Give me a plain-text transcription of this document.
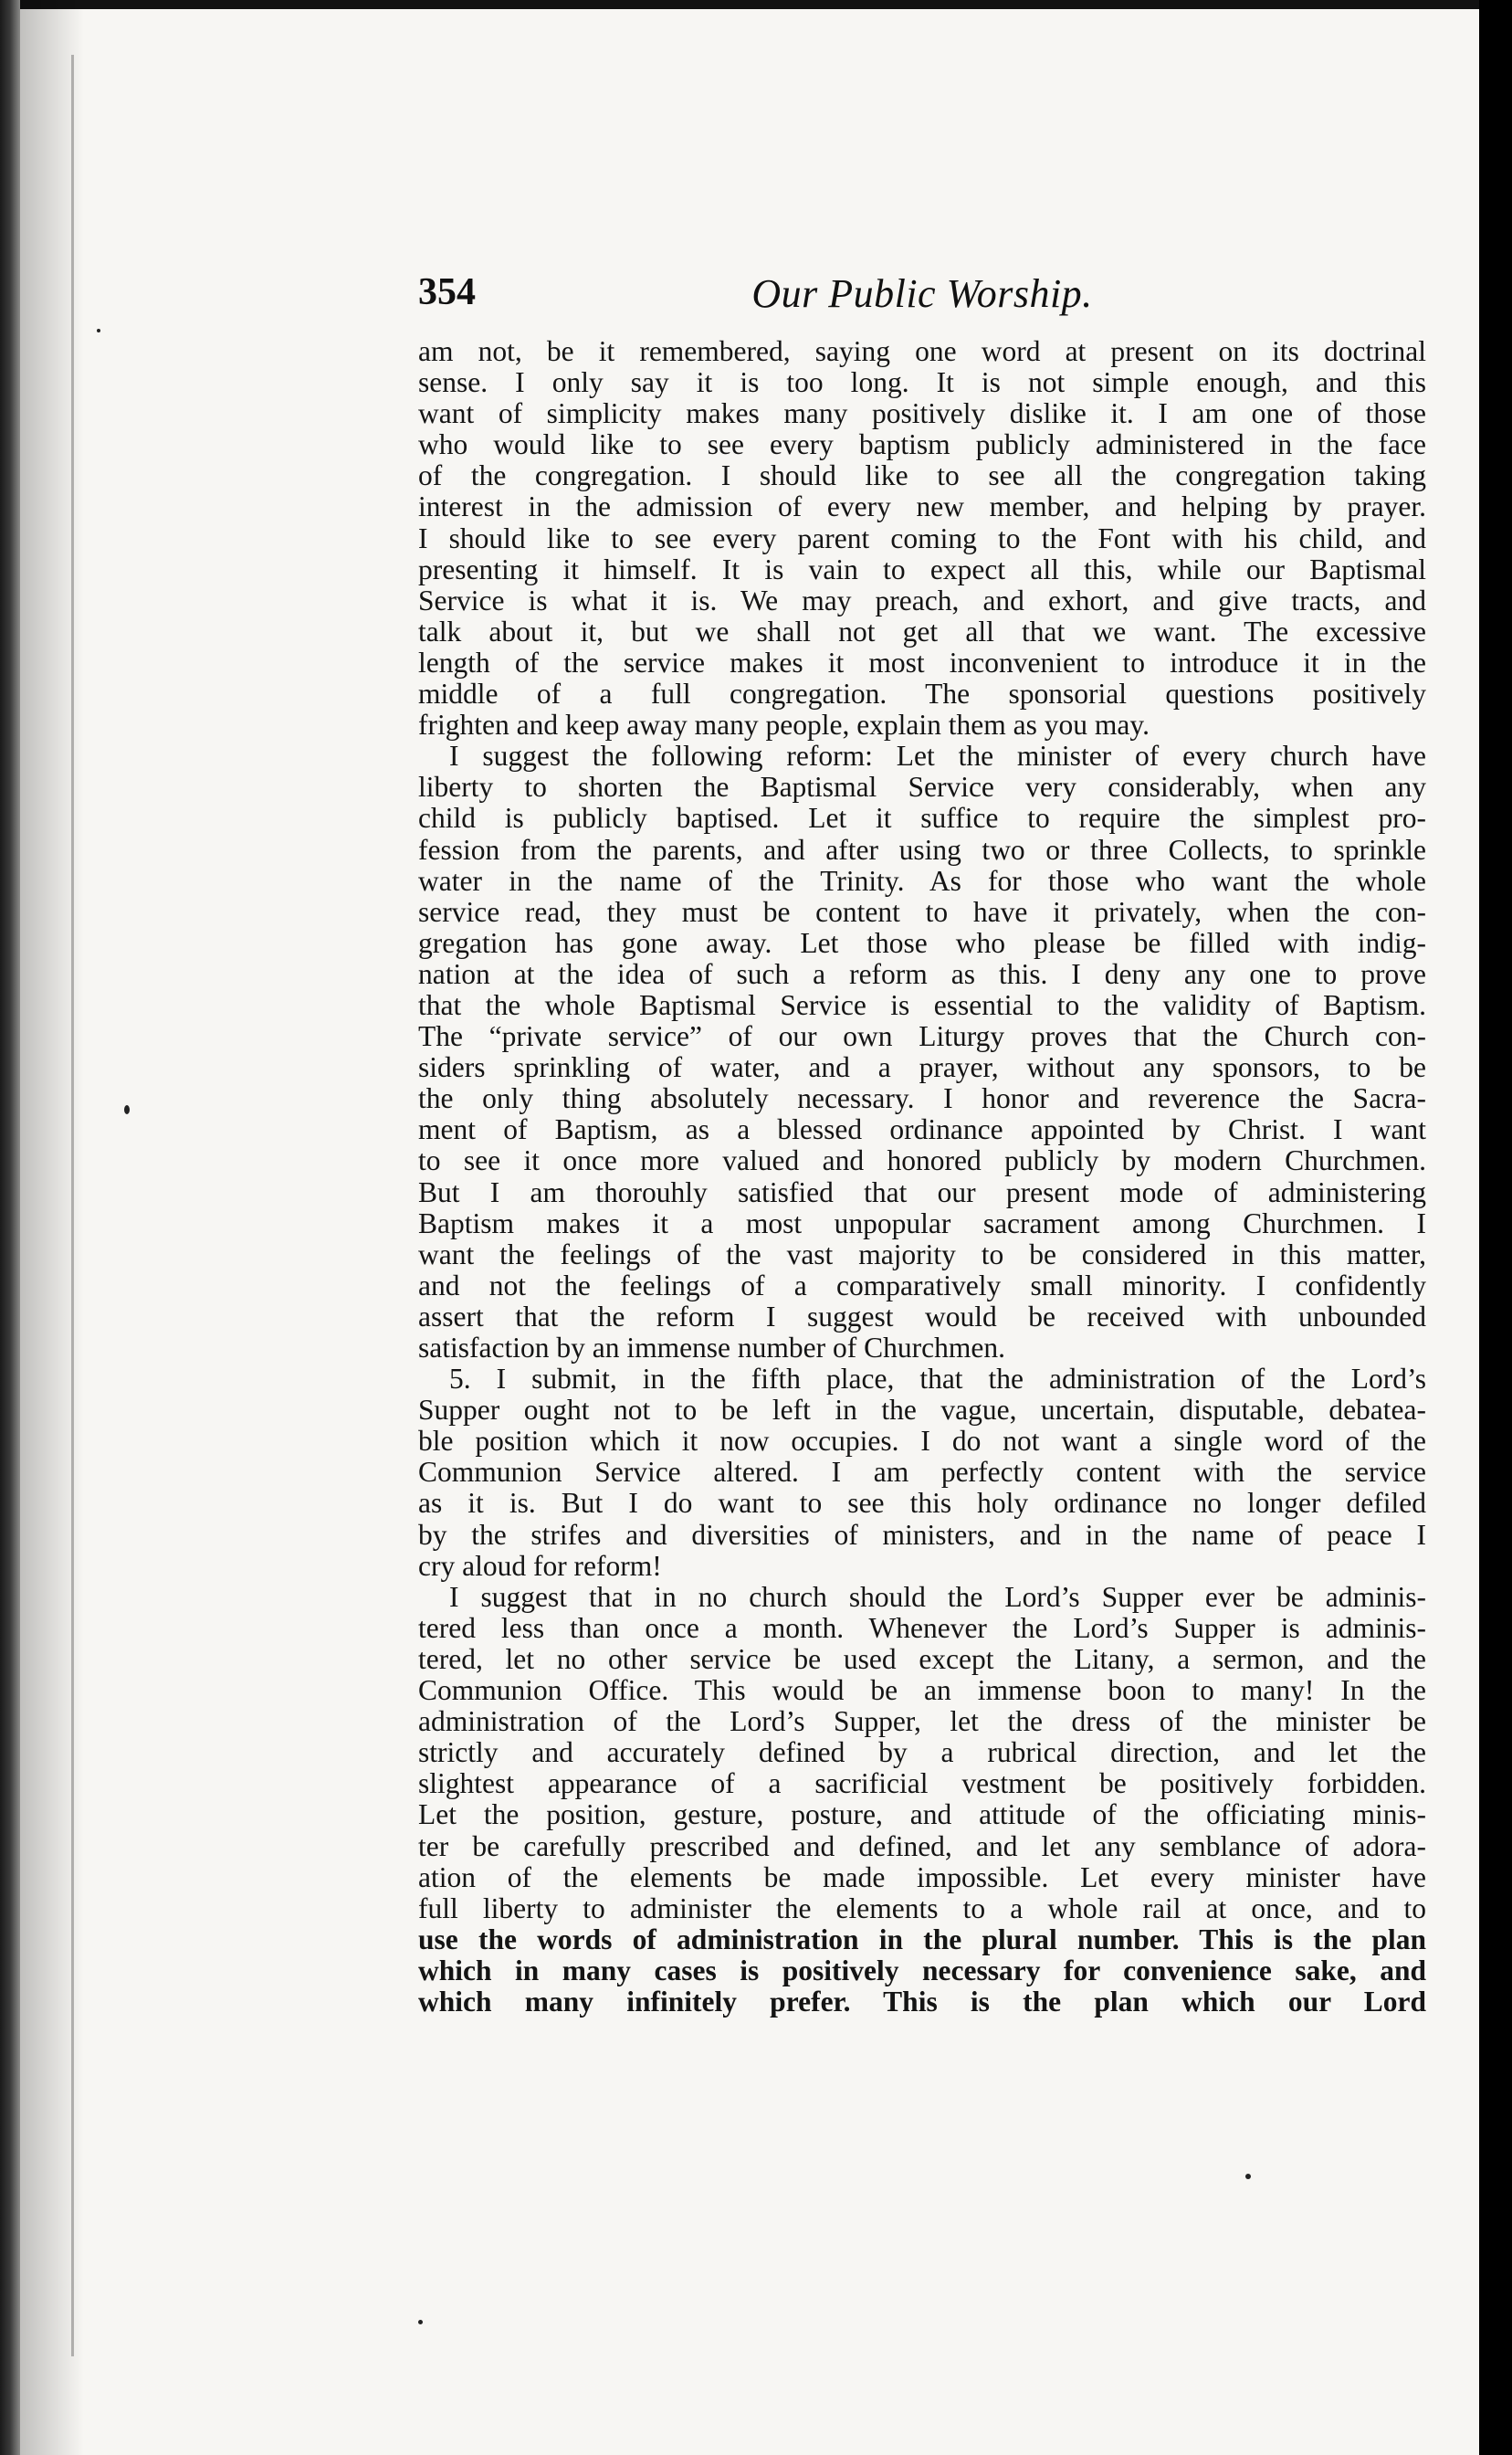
354	Our Public Worship.
am not, be it remembered, saying one word at present on its doctrinal
sense. I only say it is too long. It is not simple enough, and this
want of simplicity makes many positively dislike it. I am one of those
who would like to see every baptism publicly administered in the face
of the congregation. I should like to see all the congregation taking
interest in the admission of every new member, and helping by prayer.
I should like to see every parent coming to the Font with his child, and
presenting it himself. It is vain to expect all this, while our Baptismal
Service is what it is. We may preach, and exhort, and give tracts, and
talk about it, but we shall not get all that we want. The excessive
length of the service makes it most inconvenient to introduce it in the
middle of a full congregation. The sponsorial questions positively
frighten and keep away many people, explain them as you may.
I suggest the following reform: Let the minister of every church have
liberty to shorten the Baptismal Service very considerably, when any
child is publicly baptised. Let it suffice to require the simplest pro-
fession from the parents, and after using two or three Collects, to sprinkle
water in the name of the Trinity. As for those who want the whole
service read, they must be content to have it privately, when the con-
gregation has gone away. Let those who please be filled with indig-
nation at the idea of such a reform as this. I deny any one to prove
that the whole Baptismal Service is essential to the validity of Baptism.
The “private service” of our own Liturgy proves that the Church con-
siders sprinkling of water, and a prayer, without any sponsors, to be
the only thing absolutely necessary. I honor and reverence the Sacra-
ment of Baptism, as a blessed ordinance appointed by Christ. I want
to see it once more valued and honored publicly by modern Churchmen.
But I am thorouhly satisfied that our present mode of administering
Baptism makes it a most unpopular sacrament among Churchmen. I
want the feelings of the vast majority to be considered in this matter,
and not the feelings of a comparatively small minority. I confidently
assert that the reform I suggest would be received with unbounded
satisfaction by an immense number of Churchmen.
5. I submit, in the fifth place, that the administration of the Lord’s
Supper ought not to be left in the vague, uncertain, disputable, debatea-
ble position which it now occupies. I do not want a single word of the
Communion Service altered. I am perfectly content with the service
as it is. But I do want to see this holy ordinance no longer defiled
by the strifes and diversities of ministers, and in the name of peace I
cry aloud for reform!
I suggest that in no church should the Lord’s Supper ever be adminis-
tered less than once a month. Whenever the Lord’s Supper is adminis-
tered, let no other service be used except the Litany, a sermon, and the
Communion Office. This would be an immense boon to many! In the
administration of the Lord’s Supper, let the dress of the minister be
strictly and accurately defined by a rubrical direction, and let the
slightest appearance of a sacrificial vestment be positively forbidden.
Let the position, gesture, posture, and attitude of the officiating minis-
ter be carefully prescribed and defined, and let any semblance of adora-
ation of the elements be made impossible. Let every minister have
full liberty to administer the elements to a whole rail at once, and to
use the words of administration in the plural number. This is the plan
which in many cases is positively necessary for convenience sake, and
which many infinitely prefer. This is the plan which our Lord
